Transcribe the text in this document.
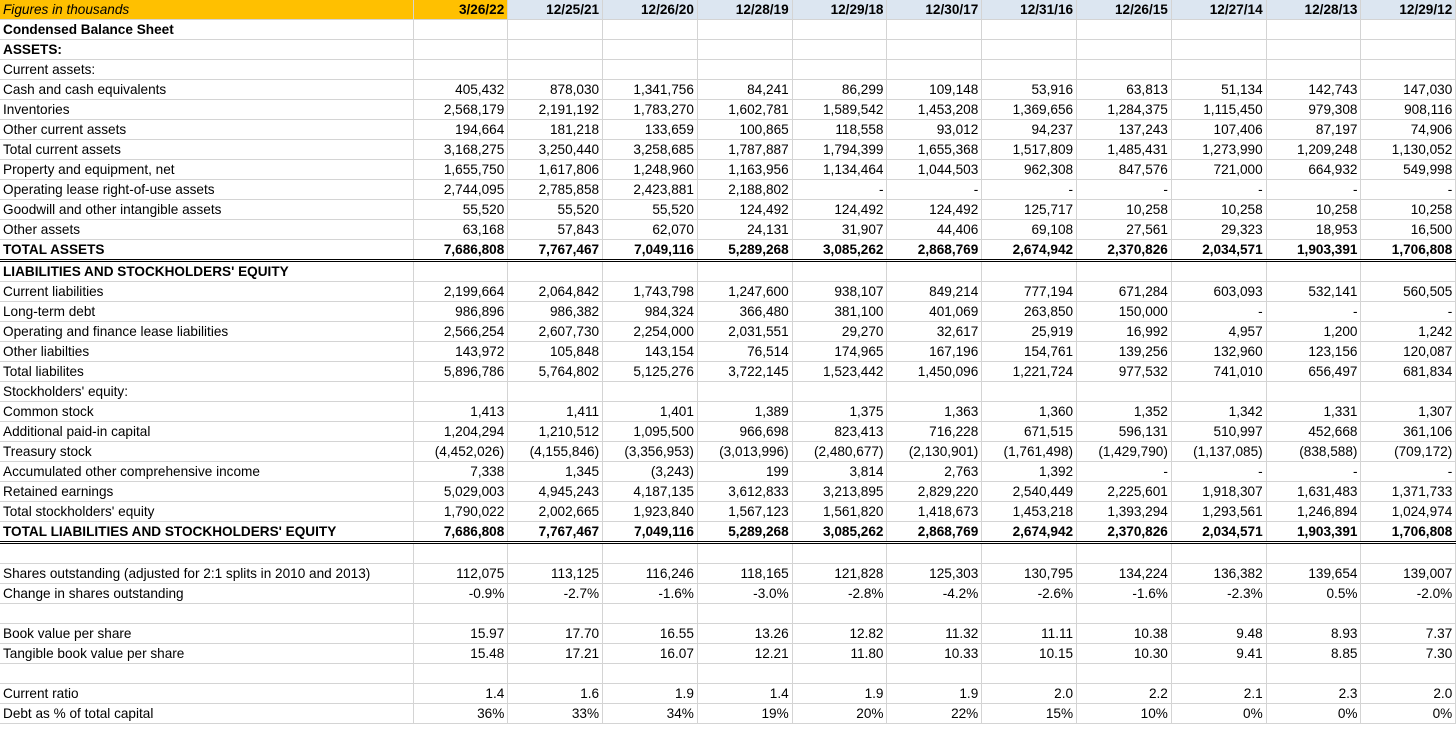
Figures in thousands	3/26/22	12/25/21	12/26/20	12/28/19	12/29/18	12/30/17	12/31/16	12/26/15	12/27/14	12/28/13	12/29/12
Condensed Balance Sheet											
ASSETS:											
Current assets:											
Cash and cash equivalents	405,432	878,030	1,341,756	84,241	86,299	109,148	53,916	63,813	51,134	142,743	147,030
Inventories	2,568,179	2,191,192	1,783,270	1,602,781	1,589,542	1,453,208	1,369,656	1,284,375	1,115,450	979,308	908,116
Other current assets	194,664	181,218	133,659	100,865	118,558	93,012	94,237	137,243	107,406	87,197	74,906
Total current assets	3,168,275	3,250,440	3,258,685	1,787,887	1,794,399	1,655,368	1,517,809	1,485,431	1,273,990	1,209,248	1,130,052
Property and equipment, net	1,655,750	1,617,806	1,248,960	1,163,956	1,134,464	1,044,503	962,308	847,576	721,000	664,932	549,998
Operating lease right-of-use assets	2,744,095	2,785,858	2,423,881	2,188,802	-	-	-	-	-	-	-
Goodwill and other intangible assets	55,520	55,520	55,520	124,492	124,492	124,492	125,717	10,258	10,258	10,258	10,258
Other assets	63,168	57,843	62,070	24,131	31,907	44,406	69,108	27,561	29,323	18,953	16,500
TOTAL ASSETS	7,686,808	7,767,467	7,049,116	5,289,268	3,085,262	2,868,769	2,674,942	2,370,826	2,034,571	1,903,391	1,706,808
LIABILITIES AND STOCKHOLDERS' EQUITY											
Current liabilities	2,199,664	2,064,842	1,743,798	1,247,600	938,107	849,214	777,194	671,284	603,093	532,141	560,505
Long-term debt	986,896	986,382	984,324	366,480	381,100	401,069	263,850	150,000	-	-	-
Operating and finance lease liabilities	2,566,254	2,607,730	2,254,000	2,031,551	29,270	32,617	25,919	16,992	4,957	1,200	1,242
Other liabilties	143,972	105,848	143,154	76,514	174,965	167,196	154,761	139,256	132,960	123,156	120,087
Total liabilites	5,896,786	5,764,802	5,125,276	3,722,145	1,523,442	1,450,096	1,221,724	977,532	741,010	656,497	681,834
Stockholders' equity:											
Common stock	1,413	1,411	1,401	1,389	1,375	1,363	1,360	1,352	1,342	1,331	1,307
Additional paid-in capital	1,204,294	1,210,512	1,095,500	966,698	823,413	716,228	671,515	596,131	510,997	452,668	361,106
Treasury stock	(4,452,026)	(4,155,846)	(3,356,953)	(3,013,996)	(2,480,677)	(2,130,901)	(1,761,498)	(1,429,790)	(1,137,085)	(838,588)	(709,172)
Accumulated other comprehensive income	7,338	1,345	(3,243)	199	3,814	2,763	1,392	-	-	-	-
Retained earnings	5,029,003	4,945,243	4,187,135	3,612,833	3,213,895	2,829,220	2,540,449	2,225,601	1,918,307	1,631,483	1,371,733
Total stockholders' equity	1,790,022	2,002,665	1,923,840	1,567,123	1,561,820	1,418,673	1,453,218	1,393,294	1,293,561	1,246,894	1,024,974
TOTAL LIABILITIES AND STOCKHOLDERS' EQUITY	7,686,808	7,767,467	7,049,116	5,289,268	3,085,262	2,868,769	2,674,942	2,370,826	2,034,571	1,903,391	1,706,808

Shares outstanding (adjusted for 2:1 splits in 2010 and 2013)	112,075	113,125	116,246	118,165	121,828	125,303	130,795	134,224	136,382	139,654	139,007
Change in shares outstanding	-0.9%	-2.7%	-1.6%	-3.0%	-2.8%	-4.2%	-2.6%	-1.6%	-2.3%	0.5%	-2.0%

Book value per share	15.97	17.70	16.55	13.26	12.82	11.32	11.11	10.38	9.48	8.93	7.37
Tangible book value per share	15.48	17.21	16.07	12.21	11.80	10.33	10.15	10.30	9.41	8.85	7.30

Current ratio	1.4	1.6	1.9	1.4	1.9	1.9	2.0	2.2	2.1	2.3	2.0
Debt as % of total capital	36%	33%	34%	19%	20%	22%	15%	10%	0%	0%	0%
